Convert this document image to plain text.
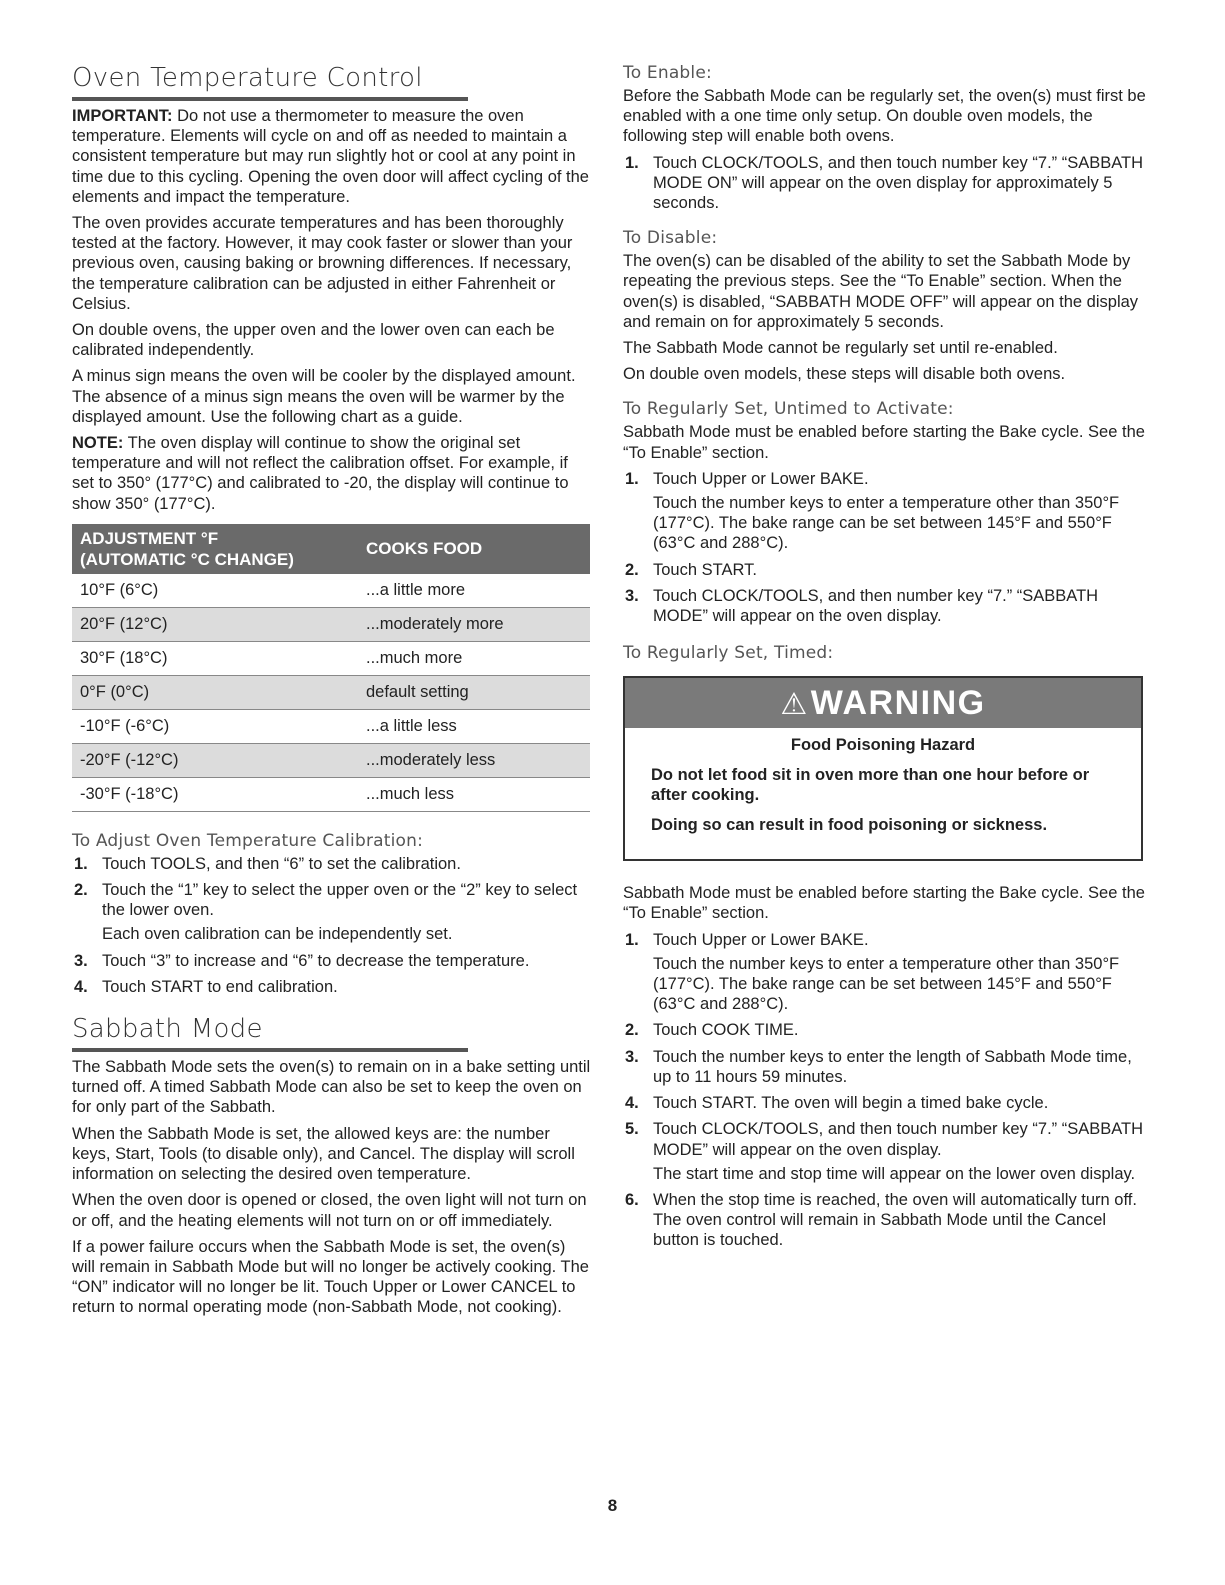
Oven Temperature Control

IMPORTANT: Do not use a thermometer to measure the oven temperature. Elements will cycle on and off as needed to maintain a consistent temperature but may run slightly hot or cool at any point in time due to this cycling. Opening the oven door will affect cycling of the elements and impact the temperature.

The oven provides accurate temperatures and has been thoroughly tested at the factory. However, it may cook faster or slower than your previous oven, causing baking or browning differences. If necessary, the temperature calibration can be adjusted in either Fahrenheit or Celsius.

On double ovens, the upper oven and the lower oven can each be calibrated independently.

A minus sign means the oven will be cooler by the displayed amount. The absence of a minus sign means the oven will be warmer by the displayed amount. Use the following chart as a guide.

NOTE: The oven display will continue to show the original set temperature and will not reflect the calibration offset. For example, if set to 350° (177°C) and calibrated to -20, the display will continue to show 350° (177°C).

ADJUSTMENT °F
(AUTOMATIC °C CHANGE)	COOKS FOOD
10°F (6°C)	...a little more
20°F (12°C)	...moderately more
30°F (18°C)	...much more
0°F (0°C)	default setting
-10°F (-6°C)	...a little less
-20°F (-12°C)	...moderately less
-30°F (-18°C)	...much less
To Adjust Oven Temperature Calibration:
1. Touch TOOLS, and then “6” to set the calibration.
2. Touch the “1” key to select the upper oven or the “2” key to select the lower oven.

Each oven calibration can be independently set.

3. Touch “3” to increase and “6” to decrease the temperature.
4. Touch START to end calibration.
Sabbath Mode

The Sabbath Mode sets the oven(s) to remain on in a bake setting until turned off. A timed Sabbath Mode can also be set to keep the oven on for only part of the Sabbath.

When the Sabbath Mode is set, the allowed keys are: the number keys, Start, Tools (to disable only), and Cancel. The display will scroll information on selecting the desired oven temperature.

When the oven door is opened or closed, the oven light will not turn on or off, and the heating elements will not turn on or off immediately.

If a power failure occurs when the Sabbath Mode is set, the oven(s) will remain in Sabbath Mode but will no longer be actively cooking. The “ON” indicator will no longer be lit. Touch Upper or Lower CANCEL to return to normal operating mode (non-Sabbath Mode, not cooking).

To Enable:

Before the Sabbath Mode can be regularly set, the oven(s) must first be enabled with a one time only setup. On double oven models, the following step will enable both ovens.

1. Touch CLOCK/TOOLS, and then touch number key “7.” “SABBATH MODE ON” will appear on the oven display for approximately 5 seconds.
To Disable:

The oven(s) can be disabled of the ability to set the Sabbath Mode by repeating the previous steps. See the “To Enable” section. When the oven(s) is disabled, “SABBATH MODE OFF” will appear on the display and remain on for approximately 5 seconds.

The Sabbath Mode cannot be regularly set until re-enabled.

On double oven models, these steps will disable both ovens.

To Regularly Set, Untimed to Activate:

Sabbath Mode must be enabled before starting the Bake cycle. See the “To Enable” section.

1. Touch Upper or Lower BAKE.

Touch the number keys to enter a temperature other than 350°F (177°C). The bake range can be set between 145°F and 550°F (63°C and 288°C).

2. Touch START.
3. Touch CLOCK/TOOLS, and then number key “7.” “SABBATH MODE” will appear on the oven display.
To Regularly Set, Timed:
⚠WARNING
Food Poisoning Hazard

Do not let food sit in oven more than one hour before or after cooking.

Doing so can result in food poisoning or sickness.

Sabbath Mode must be enabled before starting the Bake cycle. See the “To Enable” section.

1. Touch Upper or Lower BAKE.

Touch the number keys to enter a temperature other than 350°F (177°C). The bake range can be set between 145°F and 550°F (63°C and 288°C).

2. Touch COOK TIME.
3. Touch the number keys to enter the length of Sabbath Mode time, up to 11 hours 59 minutes.
4. Touch START. The oven will begin a timed bake cycle.
5. Touch CLOCK/TOOLS, and then touch number key “7.” “SABBATH MODE” will appear on the oven display.

The start time and stop time will appear on the lower oven display.

6. When the stop time is reached, the oven will automatically turn off. The oven control will remain in Sabbath Mode until the Cancel button is touched.
8
